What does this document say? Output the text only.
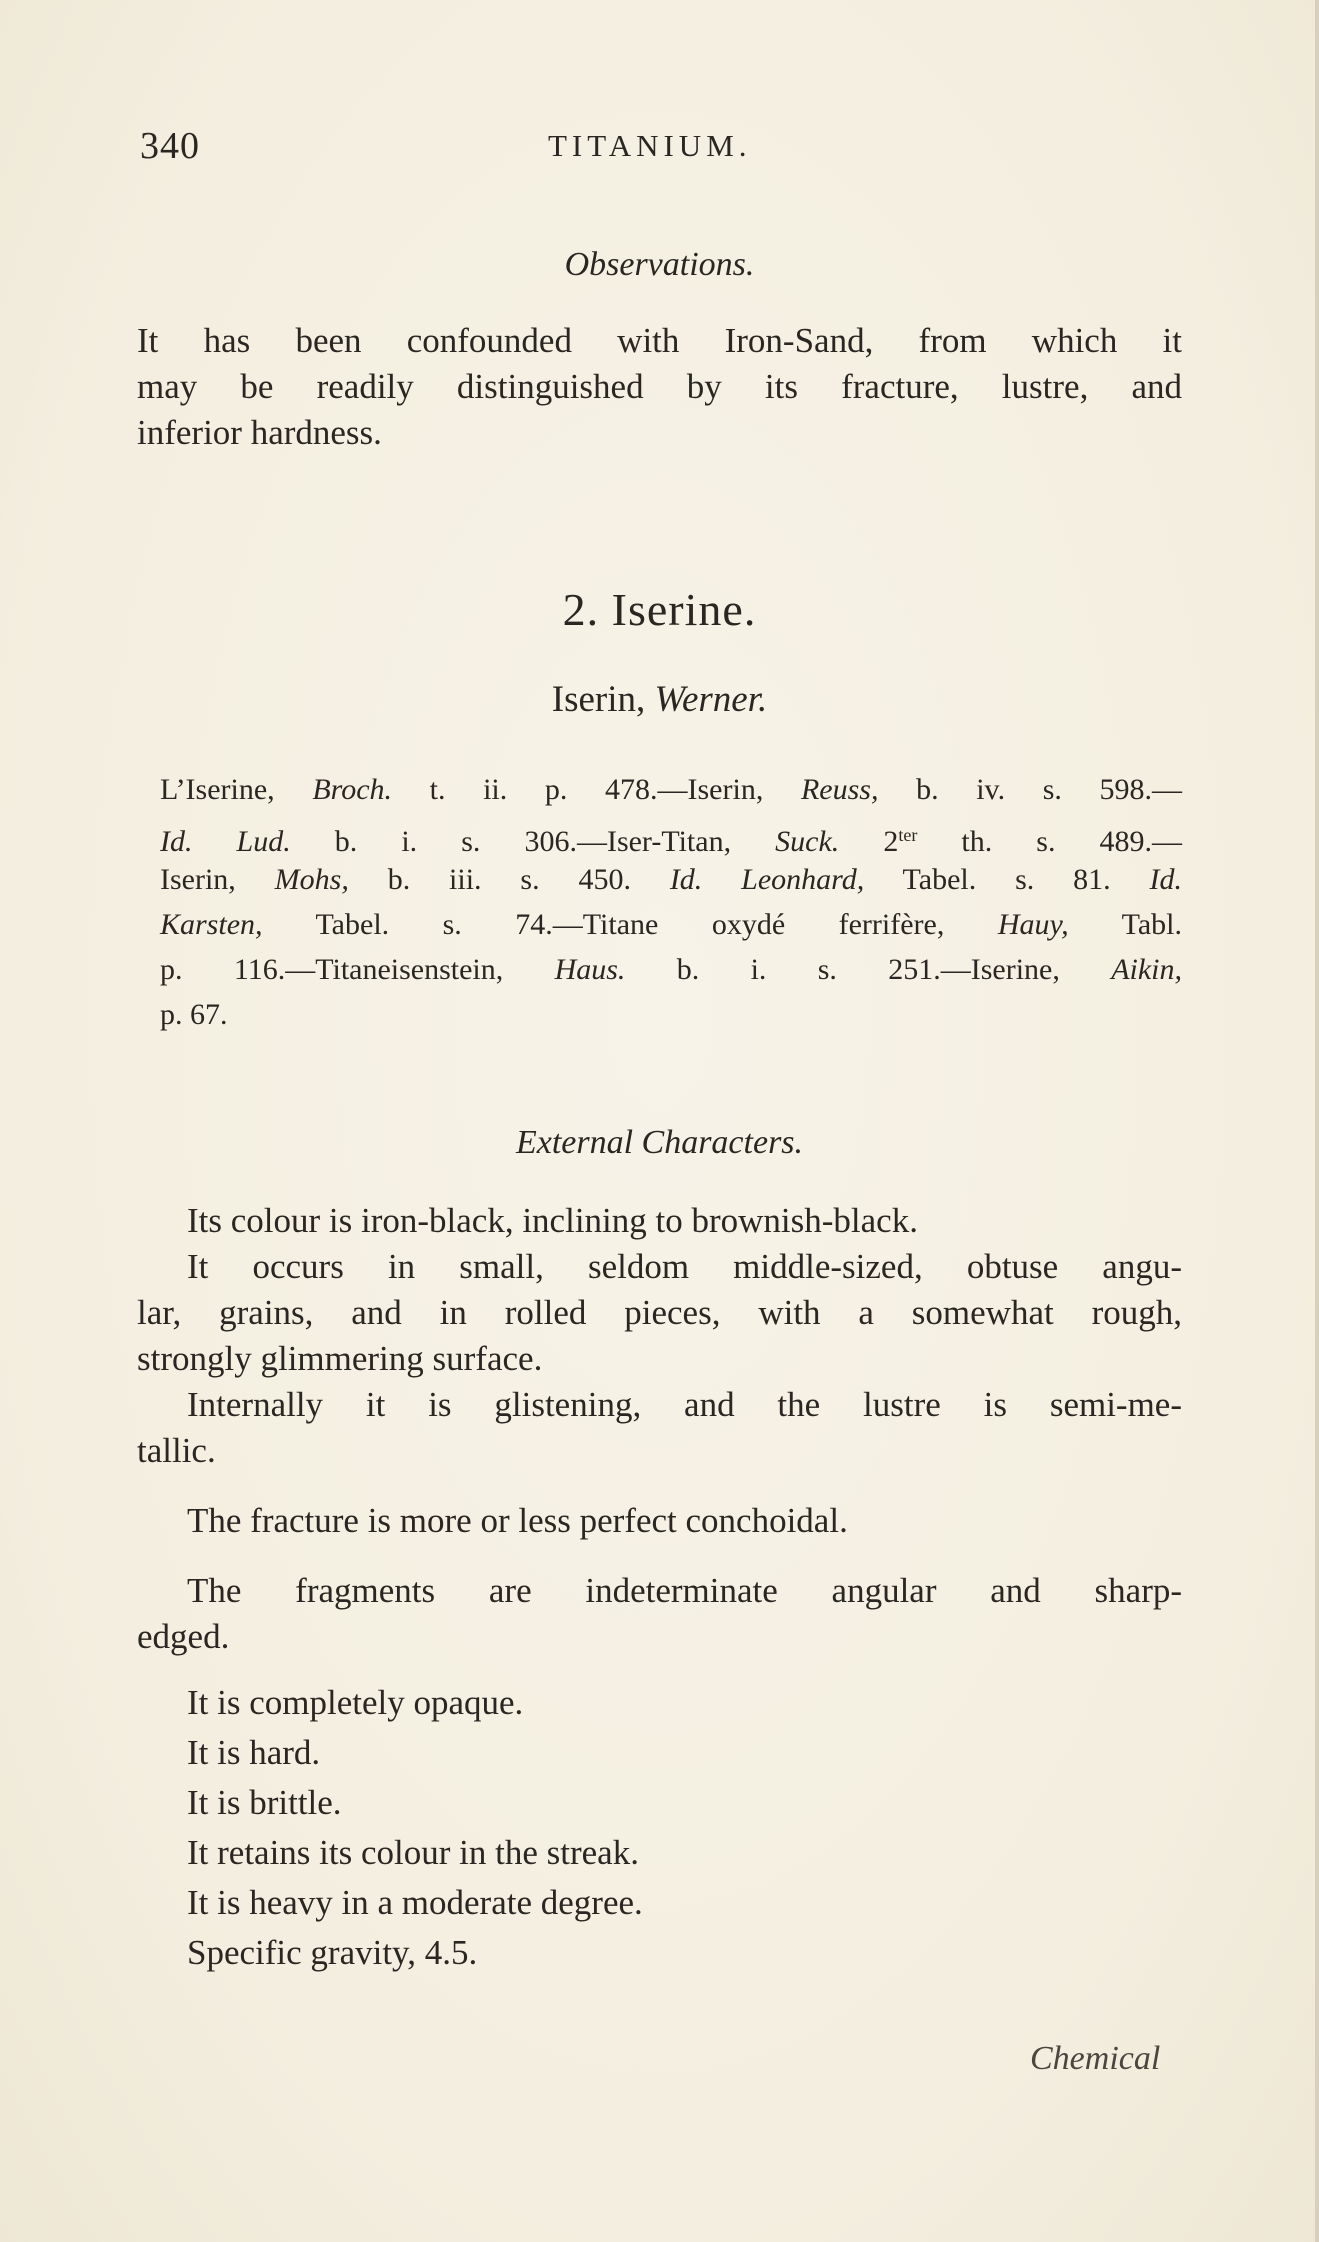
340	TITANIUM.
Observations.
It has been confounded with Iron-Sand, from which it
may be readily distinguished by its fracture, lustre, and
inferior hardness.
2. Iserine.
Iserin, Werner.
L’Iserine, Broch. t. ii. p. 478.—Iserin, Reuss, b. iv. s. 598.—
Id. Lud. b. i. s. 306.—Iser-Titan, Suck. $2^{ter}$ th. s. 489.—
Iserin, Mohs, b. iii. s. 450. Id. Leonhard, Tabel. s. 81. Id.
Karsten, Tabel. s. 74.—Titane oxydé ferrifère, Hauy, Tabl.
p. 116.—Titaneisenstein, Haus. b. i. s. 251.—Iserine, Aikin,
p. 67.
External Characters.
Its colour is iron-black, inclining to brownish-black.
It occurs in small, seldom middle-sized, obtuse angu-
lar, grains, and in rolled pieces, with a somewhat rough,
strongly glimmering surface.
Internally it is glistening, and the lustre is semi-me-
tallic.
The fracture is more or less perfect conchoidal.
The fragments are indeterminate angular and sharp-
edged.
It is completely opaque.
It is hard.
It is brittle.
It retains its colour in the streak.
It is heavy in a moderate degree.
Specific gravity, 4.5.
Chemical
